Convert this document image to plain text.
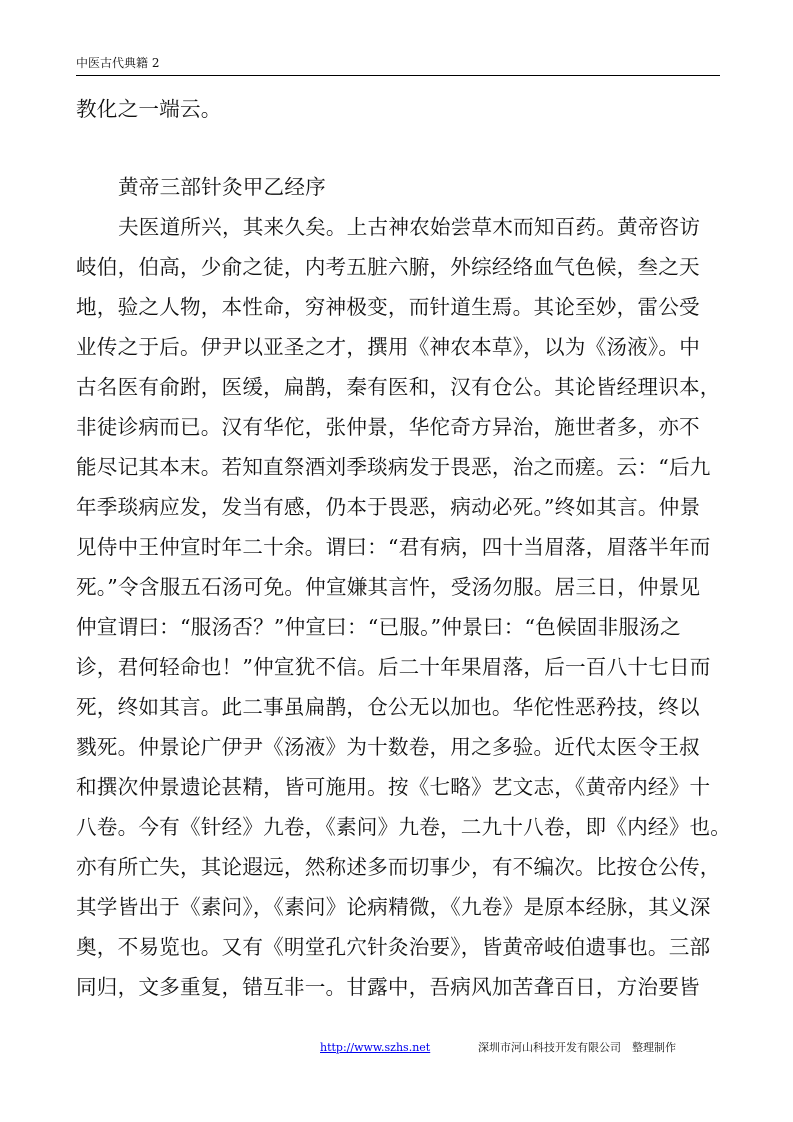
中医古代典籍 2
教化之一端云。
黄帝三部针灸甲乙经序
夫医道所兴，其来久矣。上古神农始尝草木而知百药。黄帝咨访
岐伯，伯高，少俞之徒，内考五脏六腑，外综经络血气色候，叁之天
地，验之人物，本性命，穷神极变，而针道生焉。其论至妙，雷公受
业传之于后。伊尹以亚圣之才，撰用《神农本草》，以为《汤液》。中
古名医有俞跗，医缓，扁鹊，秦有医和，汉有仓公。其论皆经理识本，
非徒诊病而已。汉有华佗，张仲景，华佗奇方异治，施世者多，亦不
能尽记其本末。若知直祭酒刘季琰病发于畏恶，治之而瘥。云：“后九
年季琰病应发，发当有感，仍本于畏恶，病动必死。”终如其言。仲景
见侍中王仲宣时年二十余。谓曰：“君有病，四十当眉落，眉落半年而
死。”令含服五石汤可免。仲宣嫌其言忤，受汤勿服。居三日，仲景见
仲宣谓曰：“服汤否？”仲宣曰：“已服。”仲景曰：“色候固非服汤之
诊，君何轻命也！”仲宣犹不信。后二十年果眉落，后一百八十七日而
死，终如其言。此二事虽扁鹊，仓公无以加也。华佗性恶矜技，终以
戮死。仲景论广伊尹《汤液》为十数卷，用之多验。近代太医令王叔
和撰次仲景遗论甚精，皆可施用。按《七略》艺文志，《黄帝内经》十
八卷。今有《针经》九卷，《素问》九卷，二九十八卷，即《内经》也。
亦有所亡失，其论遐远，然称述多而切事少，有不编次。比按仓公传，
其学皆出于《素问》，《素问》论病精微，《九卷》是原本经脉，其义深
奥，不易览也。又有《明堂孔穴针灸治要》，皆黄帝岐伯遗事也。三部
同归，文多重复，错互非一。甘露中，吾病风加苦聋百日，方治要皆
http://www.szhs.net	深圳市河山科技开发有限公司　整理制作
